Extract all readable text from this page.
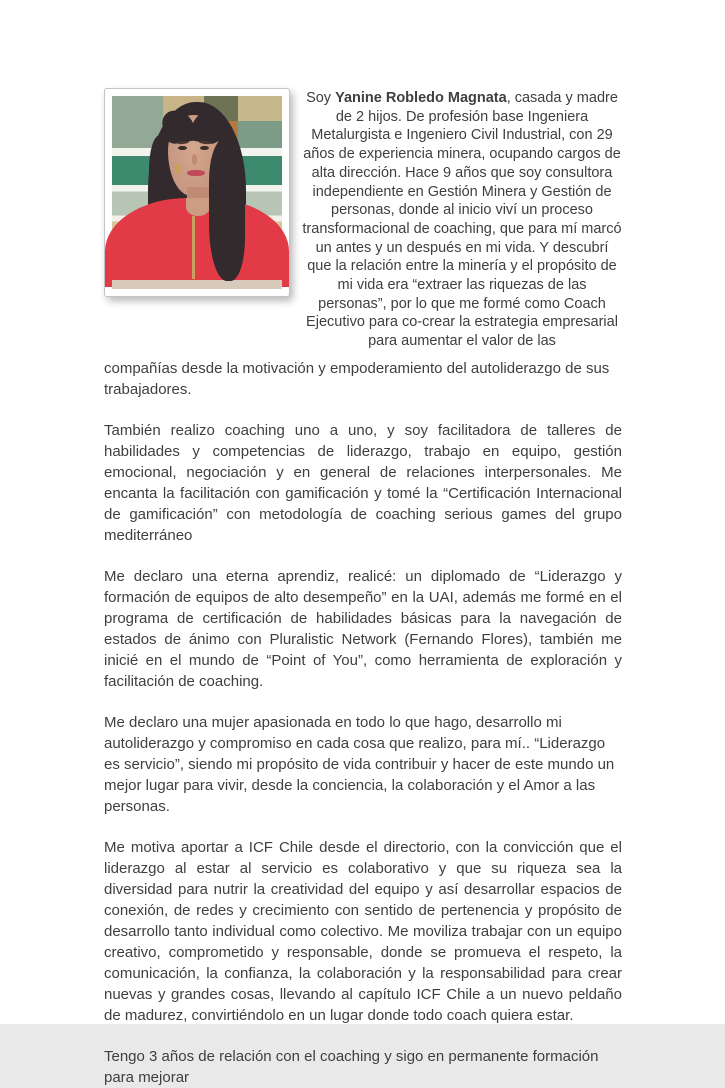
Soy Yanine Robledo Magnata, casada y madre de 2 hijos. De profesión base Ingeniera Metalurgista e Ingeniero Civil Industrial, con 29 años de experiencia minera, ocupando cargos de alta dirección. Hace 9 años que soy consultora independiente en Gestión Minera y Gestión de personas, donde al inicio viví un proceso transformacional de coaching, que para mí marcó un antes y un después en mi vida. Y descubrí que la relación entre la minería y el propósito de mi vida era “extraer las riquezas de las personas”, por lo que me formé como Coach Ejecutivo para co-crear la estrategia empresarial para aumentar el valor de las

compañías desde la motivación y empoderamiento del autoliderazgo de sus trabajadores.

También realizo coaching uno a uno, y soy facilitadora de talleres de habilidades y competencias de liderazgo, trabajo en equipo, gestión emocional, negociación y en general de relaciones interpersonales. Me encanta la facilitación con gamificación y tomé la “Certificación Internacional de gamificación” con metodología de coaching serious games del grupo mediterráneo

Me declaro una eterna aprendiz, realicé: un diplomado de “Liderazgo y formación de equipos de alto desempeño” en la UAI, además me formé en el programa de certificación de habilidades básicas para la navegación de estados de ánimo con Pluralistic Network (Fernando Flores), también me inicié en el mundo de “Point of You”, como herramienta de exploración y facilitación de coaching.

Me declaro una mujer apasionada en todo lo que hago, desarrollo mi autoliderazgo y compromiso en cada cosa que realizo, para mí.. “Liderazgo es servicio”, siendo mi propósito de vida contribuir y hacer de este mundo un mejor lugar para vivir, desde la conciencia, la colaboración y el Amor a las personas.

Me motiva aportar a ICF Chile desde el directorio, con la convicción que el liderazgo al estar al servicio es colaborativo y que su riqueza sea la diversidad para nutrir la creatividad del equipo y así desarrollar espacios de conexión, de redes y crecimiento con sentido de pertenencia y propósito de desarrollo tanto individual como colectivo. Me moviliza trabajar con un equipo creativo, comprometido y responsable, donde se promueva el respeto, la comunicación, la confianza, la colaboración y la responsabilidad para crear nuevas y grandes cosas, llevando al capítulo ICF Chile a un nuevo peldaño de madurez, convirtiéndolo en un lugar donde todo coach quiera estar.

Tengo 3 años de relación con el coaching y sigo en permanente formación para mejorar
